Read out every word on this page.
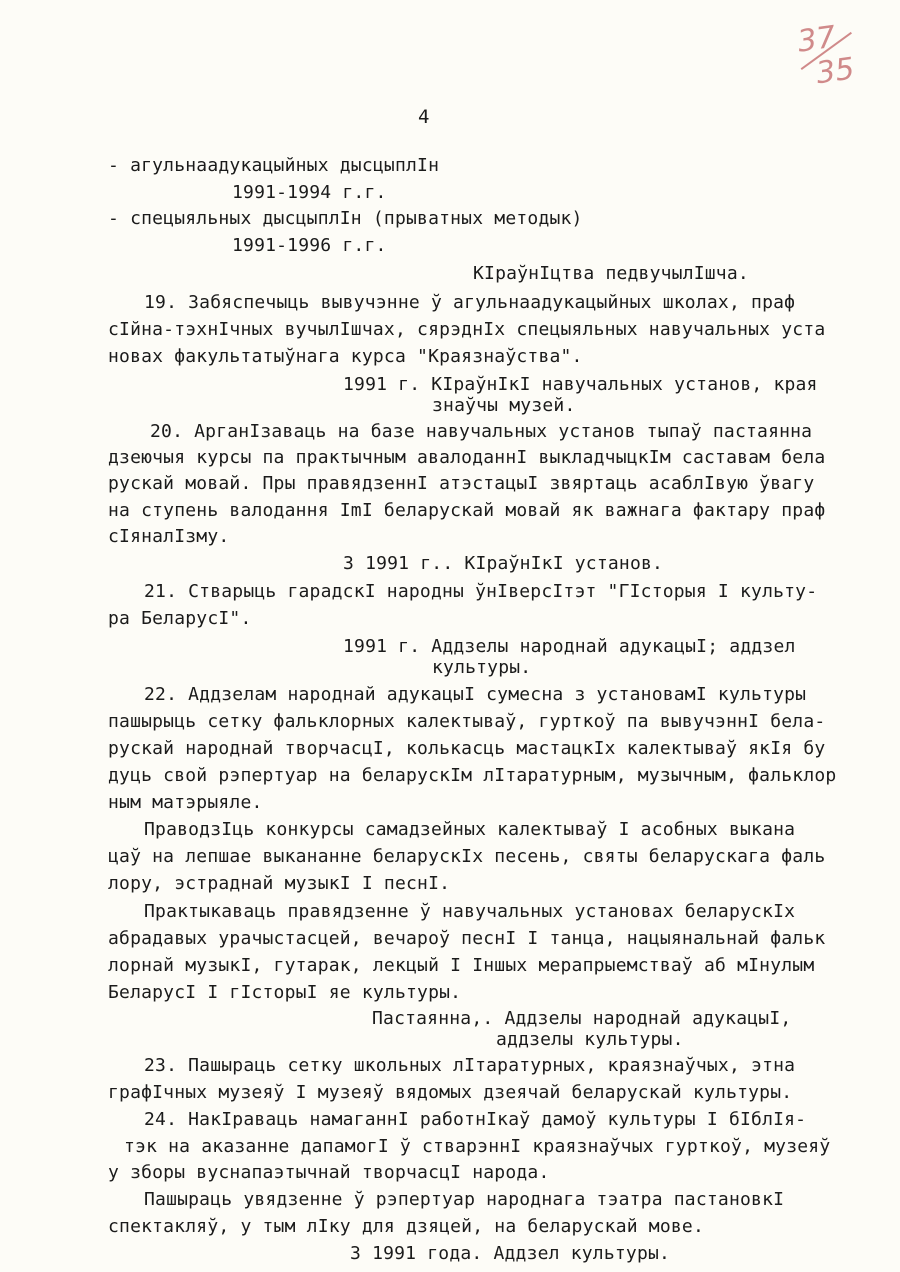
37
35
4
- агульнаадукацыйных дысцыплIн
1991-1994 г.г.
- спецыяльных дысцыплIн (прыватных методык)
1991-1996 г.г.
КIраўнIцтва педвучылIшча.
19. Забяспечыць вывучэнне ў агульнаадукацыйных школах, праф
сIйна-тэхнIчных вучылIшчах, сярэднIх спецыяльных навучальных уста
новах факультатыўнага курса "Краязнаўства".
1991 г. КIраўнIкI навучальных установ, края
знаўчы музей.
20. АрганIзаваць на базе навучальных установ тыпаў пастаянна
дзеючыя курсы па практычным авалоданнI выкладчыцкIм саставам бела
рускай мовай. Пры правядзеннI атэстацыI звяртаць асаблIвую ўвагу
на ступень валодання ImI беларускай мовай як важнага фактару праф
сIяналIзму.
З 1991 г.. КIраўнIкI установ.
21. Стварыць гарадскI народны ўнIверсIтэт "ГIсторыя I культу-
ра БеларусI".
1991 г. Аддзелы народнай адукацыI; аддзел
культуры.
22. Аддзелам народнай адукацыI сумесна з установамI культуры
пашырыць сетку фальклорных калектываў, гурткоў па вывучэннI бела-
рускай народнай творчасцI, колькасць мастацкIх калектываў якIя бу
дуць свой рэпертуар на беларускIм лIтаратурным, музычным, фальклор
ным матэрыяле.
ПраводзIць конкурсы самадзейных калектываў I асобных выкана
цаў на лепшае выкананне беларускIх песень, святы беларускага фаль
лору, эстраднай музыкI I песнI.
Практыкаваць правядзенне ў навучальных установах беларускIх
абрадавых урачыстасцей, вечароў песнI I танца, нацыянальнай фальк
лорнай музыкI, гутарак, лекцый I Iншых мерапрыемстваў аб мIнулым
БеларусI I гIсторыI яе культуры.
Пастаянна,. Аддзелы народнай адукацыI,
аддзелы культуры.
23. Пашыраць сетку школьных лIтаратурных, краязнаўчых, этна
графIчных музеяў I музеяў вядомых дзеячай беларускай культуры.
24. НакIраваць намаганнI работнIкаў дамоў культуры I бIблIя-
тэк на аказанне дапамогI ў стварэннI краязнаўчых гурткоў, музеяў
у зборы вуснапаэтычнай творчасцI народа.
Пашыраць увядзенне ў рэпертуар народнага тэатра пастановкI
спектакляў, у тым лIку для дзяцей, на беларускай мове.
З 1991 года. Аддзел культуры.
